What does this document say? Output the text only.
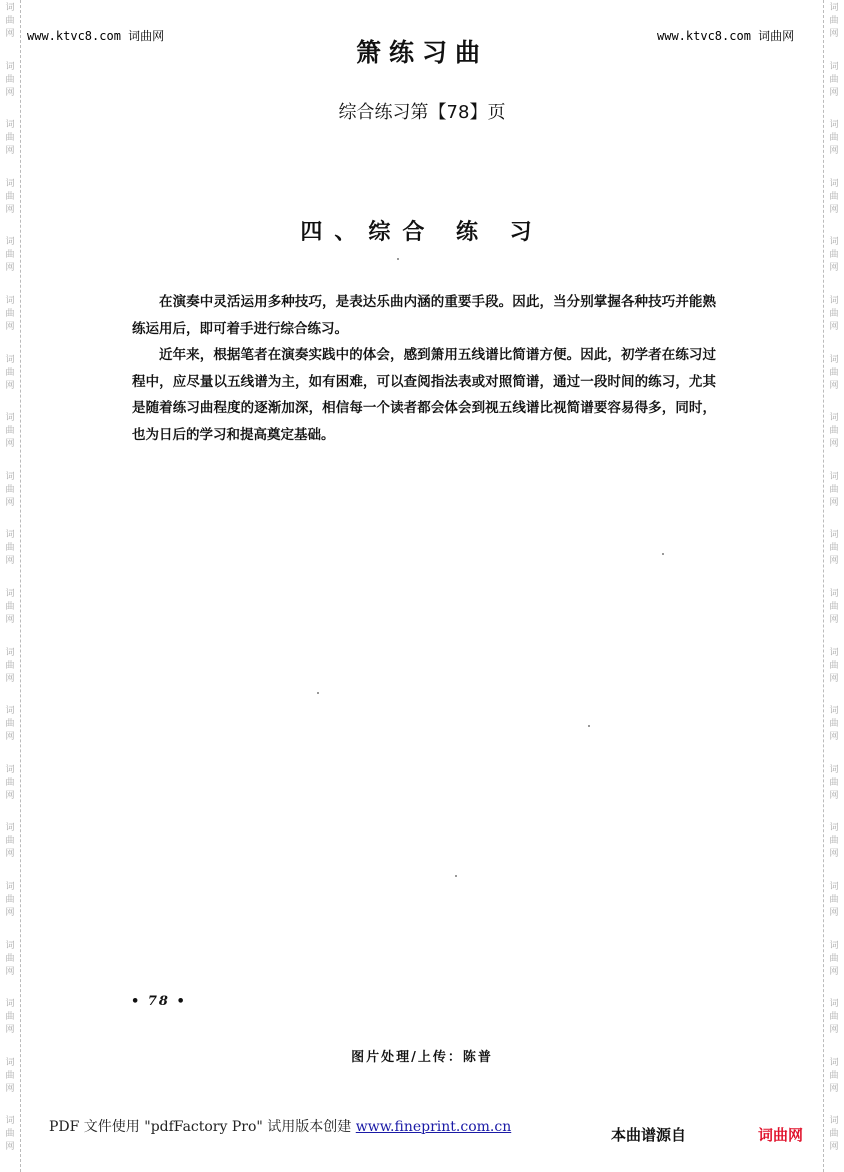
词
曲
网
词
曲
网
词
曲
网
词
曲
网
词
曲
网
词
曲
网
词
曲
网
词
曲
网
词
曲
网
词
曲
网
词
曲
网
词
曲
网
词
曲
网
词
曲
网
词
曲
网
词
曲
网
词
曲
网
词
曲
网
词
曲
网
词
曲
网
词
曲
网
词
曲
网
词
曲
网
词
曲
网
词
曲
网
词
曲
网
词
曲
网
词
曲
网
词
曲
网
词
曲
网
词
曲
网
词
曲
网
词
曲
网
词
曲
网
词
曲
网
词
曲
网
词
曲
网
词
曲
网
词
曲
网
词
曲
网
www.ktvc8.com 词曲网	www.ktvc8.com 词曲网
箫练习曲
综合练习第【78】页
四、综合 练 习

在演奏中灵活运用多种技巧，是表达乐曲内涵的重要手段。因此，当分别掌握各种技巧并能熟练运用后，即可着手进行综合练习。

近年来，根据笔者在演奏实践中的体会，感到箫用五线谱比简谱方便。因此，初学者在练习过程中，应尽量以五线谱为主，如有困难，可以查阅指法表或对照简谱，通过一段时间的练习，尤其是随着练习曲程度的逐渐加深，相信每一个读者都会体会到视五线谱比视简谱要容易得多，同时，也为日后的学习和提高奠定基础。

• 78 •
图片处理/上传：陈普
PDF 文件使用 "pdfFactory Pro" 试用版本创建 www.fineprint.com.cn	本曲谱源自	词曲网
